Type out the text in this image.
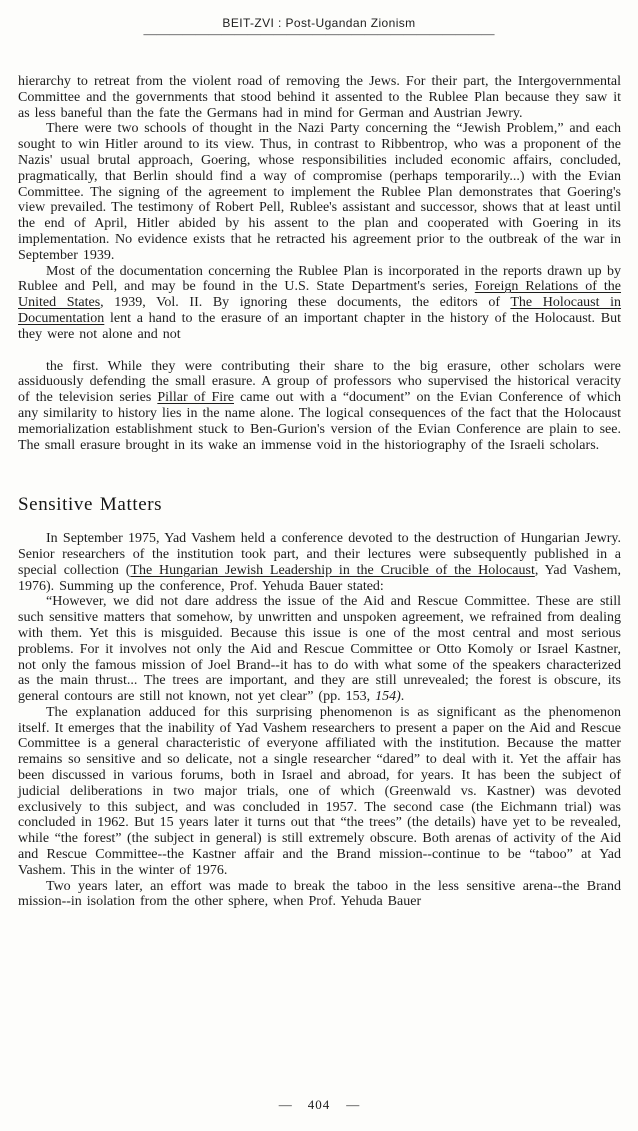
BEIT-ZVI : Post-Ugandan Zionism
———————————————————————————

hierarchy to retreat from the violent road of removing the Jews. For their part, the Intergovernmental Committee and the governments that stood behind it assented to the Rublee Plan because they saw it as less baneful than the fate the Germans had in mind for German and Austrian Jewry.

There were two schools of thought in the Nazi Party concerning the “Jewish Problem,” and each sought to win Hitler around to its view. Thus, in contrast to Ribbentrop, who was a proponent of the Nazis' usual brutal approach, Goering, whose responsibilities included economic affairs, concluded, pragmatically, that Berlin should find a way of compromise (perhaps temporarily...) with the Evian Committee. The signing of the agreement to implement the Rublee Plan demonstrates that Goering's view prevailed. The testimony of Robert Pell, Rublee's assistant and successor, shows that at least until the end of April, Hitler abided by his assent to the plan and cooperated with Goering in its implementation. No evidence exists that he retracted his agreement prior to the outbreak of the war in September 1939.

Most of the documentation concerning the Rublee Plan is incorporated in the reports drawn up by Rublee and Pell, and may be found in the U.S. State Department's series, Foreign Relations of the United States, 1939, Vol. II. By ignoring these documents, the editors of The Holocaust in Documentation lent a hand to the erasure of an important chapter in the history of the Holocaust. But they were not alone and not

the first. While they were contributing their share to the big erasure, other scholars were assiduously defending the small erasure. A group of professors who supervised the historical veracity of the television series Pillar of Fire came out with a “document” on the Evian Conference of which any similarity to history lies in the name alone. The logical consequences of the fact that the Holocaust memorialization establishment stuck to Ben-Gurion's version of the Evian Conference are plain to see. The small erasure brought in its wake an immense void in the historiography of the Israeli scholars.

Sensitive Matters

In September 1975, Yad Vashem held a conference devoted to the destruction of Hungarian Jewry. Senior researchers of the institution took part, and their lectures were subsequently published in a special collection (The Hungarian Jewish Leadership in the Crucible of the Holocaust, Yad Vashem, 1976). Summing up the conference, Prof. Yehuda Bauer stated:

“However, we did not dare address the issue of the Aid and Rescue Committee. These are still such sensitive matters that somehow, by unwritten and unspoken agreement, we refrained from dealing with them. Yet this is misguided. Because this issue is one of the most central and most serious problems. For it involves not only the Aid and Rescue Committee or Otto Komoly or Israel Kastner, not only the famous mission of Joel Brand--it has to do with what some of the speakers characterized as the main thrust... The trees are important, and they are still unrevealed; the forest is obscure, its general contours are still not known, not yet clear” (pp. 153, 154).

The explanation adduced for this surprising phenomenon is as significant as the phenomenon itself. It emerges that the inability of Yad Vashem researchers to present a paper on the Aid and Rescue Committee is a general characteristic of everyone affiliated with the institution. Because the matter remains so sensitive and so delicate, not a single researcher “dared” to deal with it. Yet the affair has been discussed in various forums, both in Israel and abroad, for years. It has been the subject of judicial deliberations in two major trials, one of which (Greenwald vs. Kastner) was devoted exclusively to this subject, and was concluded in 1957. The second case (the Eichmann trial) was concluded in 1962. But 15 years later it turns out that “the trees” (the details) have yet to be revealed, while “the forest” (the subject in general) is still extremely obscure. Both arenas of activity of the Aid and Rescue Committee--the Kastner affair and the Brand mission--continue to be “taboo” at Yad Vashem. This in the winter of 1976.

Two years later, an effort was made to break the taboo in the less sensitive arena--the Brand mission--in isolation from the other sphere, when Prof. Yehuda Bauer

— 404 —
